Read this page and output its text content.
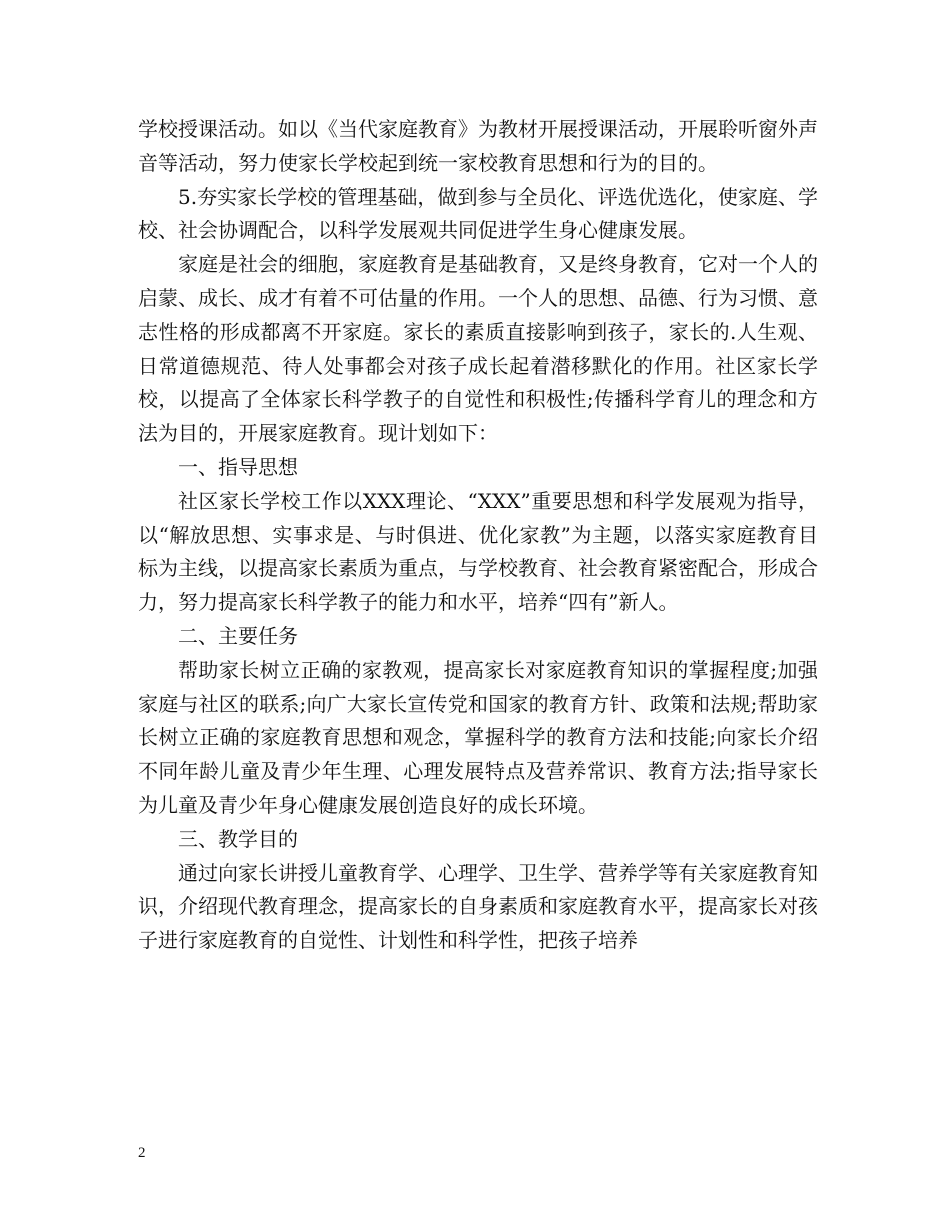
学校授课活动。如以《当代家庭教育》为教材开展授课活动，开展聆听窗外声音等活动，努力使家长学校起到统一家校教育思想和行为的目的。

5.夯实家长学校的管理基础，做到参与全员化、评选优选化，使家庭、学校、社会协调配合，以科学发展观共同促进学生身心健康发展。

家庭是社会的细胞，家庭教育是基础教育，又是终身教育，它对一个人的启蒙、成长、成才有着不可估量的作用。一个人的思想、品德、行为习惯、意志性格的形成都离不开家庭。家长的素质直接影响到孩子，家长的.人生观、日常道德规范、待人处事都会对孩子成长起着潜移默化的作用。社区家长学校，以提高了全体家长科学教子的自觉性和积极性;传播科学育儿的理念和方法为目的，开展家庭教育。现计划如下：

一、指导思想

社区家长学校工作以XXX理论、“XXX”重要思想和科学发展观为指导，以“解放思想、实事求是、与时俱进、优化家教”为主题，以落实家庭教育目标为主线，以提高家长素质为重点，与学校教育、社会教育紧密配合，形成合力，努力提高家长科学教子的能力和水平，培养“四有”新人。

二、主要任务

帮助家长树立正确的家教观，提高家长对家庭教育知识的掌握程度;加强家庭与社区的联系;向广大家长宣传党和国家的教育方针、政策和法规;帮助家长树立正确的家庭教育思想和观念，掌握科学的教育方法和技能;向家长介绍不同年龄儿童及青少年生理、心理发展特点及营养常识、教育方法;指导家长为儿童及青少年身心健康发展创造良好的成长环境。

三、教学目的

通过向家长讲授儿童教育学、心理学、卫生学、营养学等有关家庭教育知识，介绍现代教育理念，提高家长的自身素质和家庭教育水平，提高家长对孩子进行家庭教育的自觉性、计划性和科学性，把孩子培养

2
